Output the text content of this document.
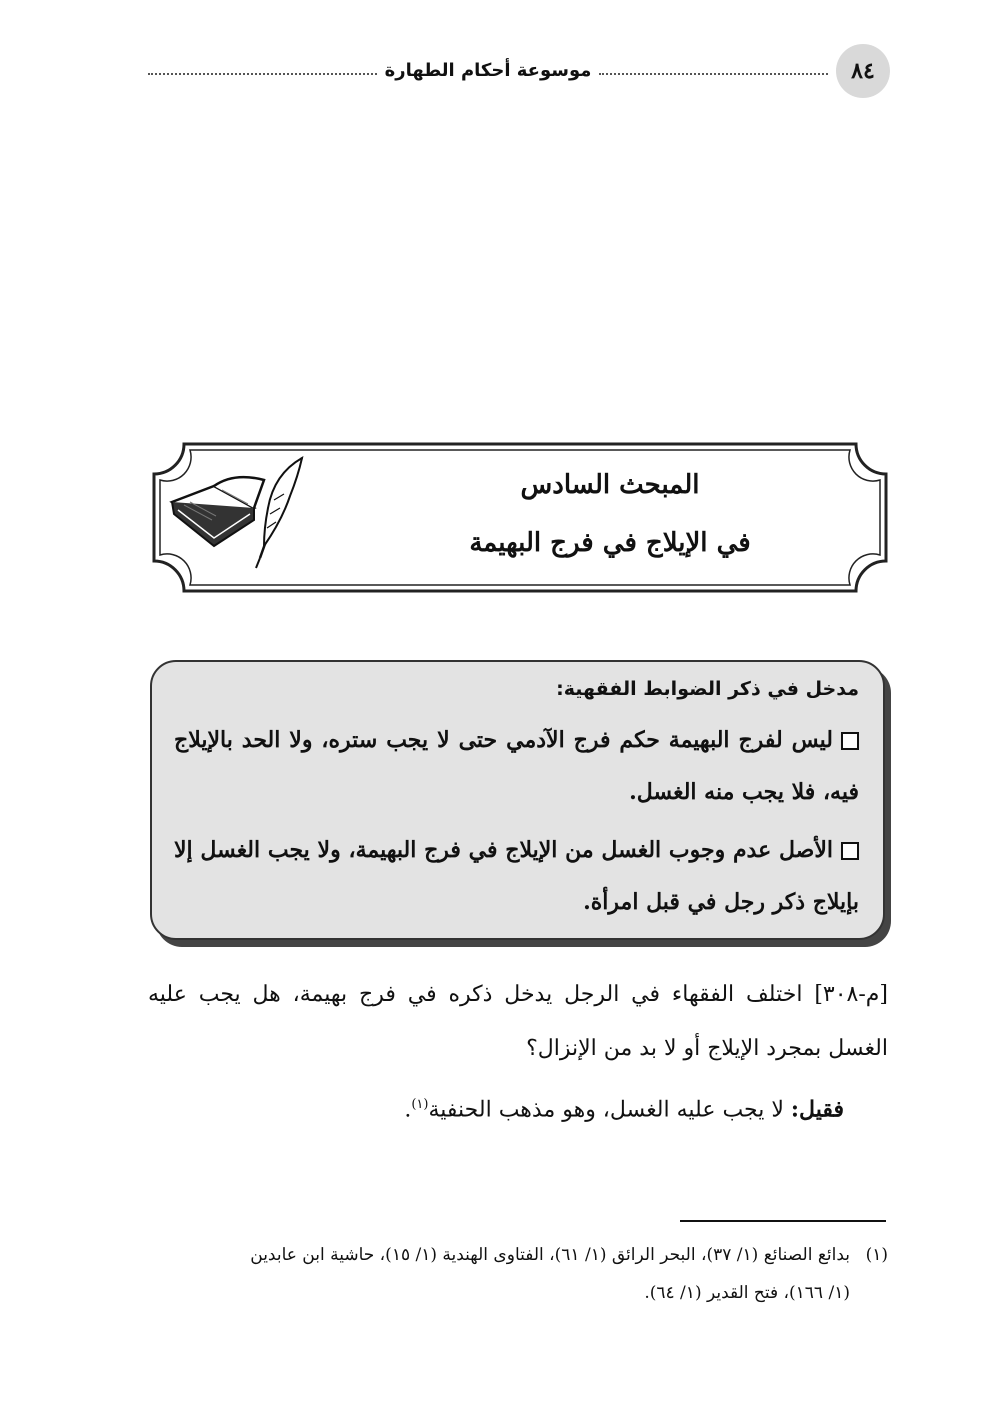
٨٤
موسوعة أحكام الطهارة
المبحث السادس
في الإيلاج في فرج البهيمة
مدخل في ذكر الضوابط الفقهية:
ليس لفرج البهيمة حكم فرج الآدمي حتى لا يجب ستره، ولا الحد بالإيلاج فيه، فلا يجب منه الغسل.
الأصل عدم وجوب الغسل من الإيلاج في فرج البهيمة، ولا يجب الغسل إلا بإيلاج ذكر رجل في قبل امرأة.
[م-٣٠٨] اختلف الفقهاء في الرجل يدخل ذكره في فرج بهيمة، هل يجب عليه الغسل بمجرد الإيلاج أو لا بد من الإنزال؟
فقيل: لا يجب عليه الغسل، وهو مذهب الحنفية$^{(١)}$.
(١)بدائع الصنائع (١/ ٣٧)، البحر الرائق (١/ ٦١)، الفتاوى الهندية (١/ ١٥)، حاشية ابن عابدين
(١/ ١٦٦)، فتح القدير (١/ ٦٤).
